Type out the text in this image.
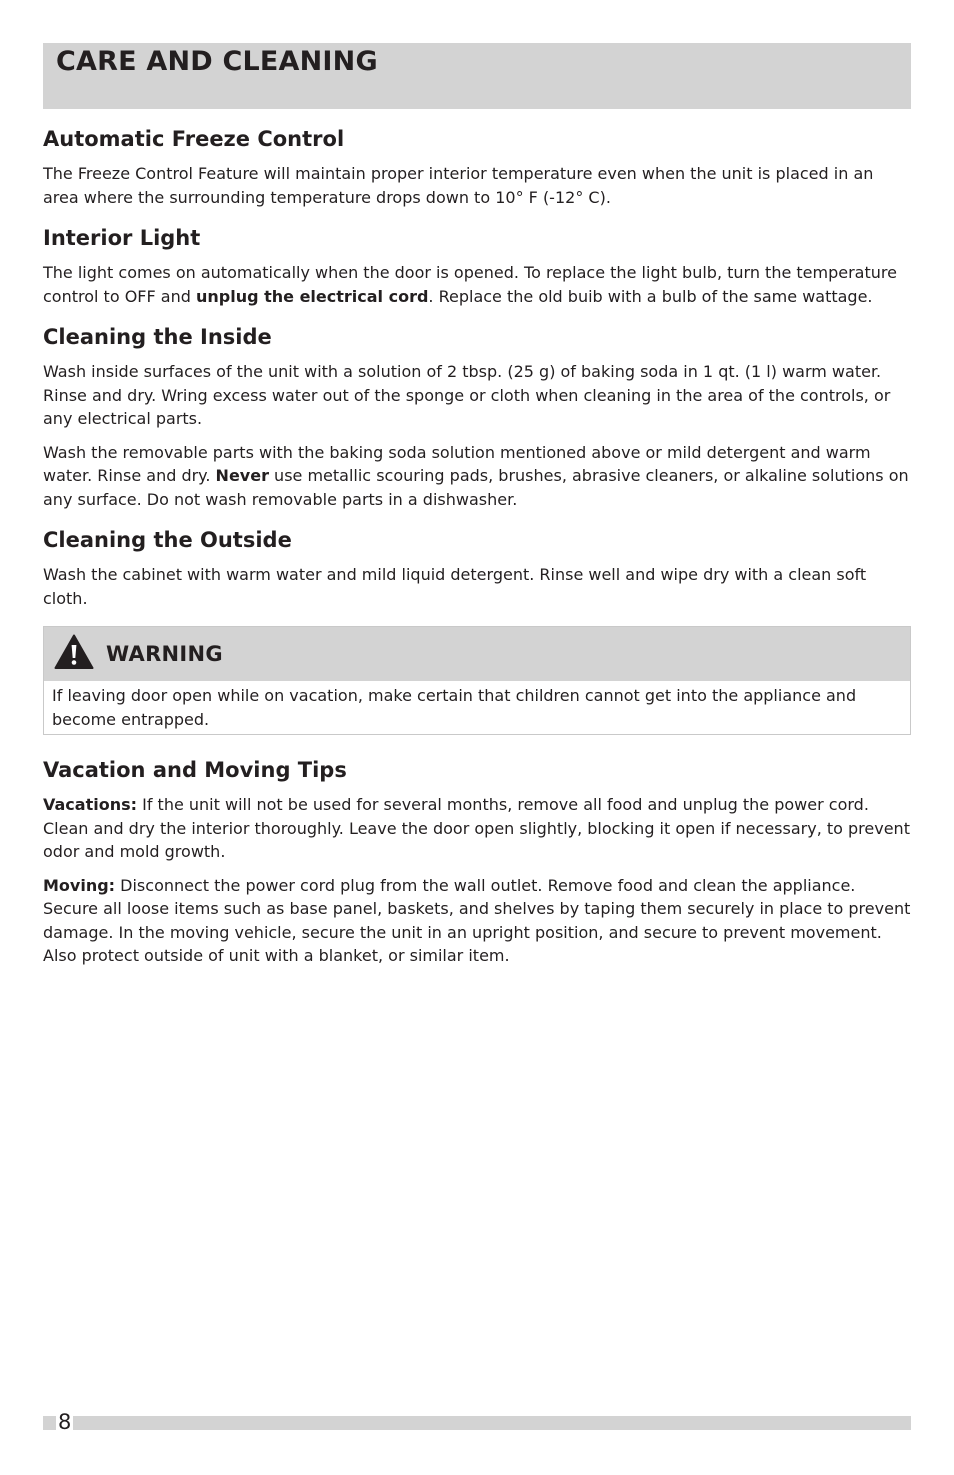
CARE AND CLEANING
Automatic Freeze Control

The Freeze Control Feature will maintain proper interior temperature even when the unit is placed in an area where the surrounding temperature drops down to 10° F (-12° C).

Interior Light

The light comes on automatically when the door is opened. To replace the light bulb, turn the temperature control to OFF and unplug the electrical cord. Replace the old buib with a bulb of the same wattage.

Cleaning the Inside

Wash inside surfaces of the unit with a solution of 2 tbsp. (25 g) of baking soda in 1 qt. (1 l) warm water. Rinse and dry. Wring excess water out of the sponge or cloth when cleaning in the area of the controls, or any electrical parts.

Wash the removable parts with the baking soda solution mentioned above or mild detergent and warm water. Rinse and dry. Never use metallic scouring pads, brushes, abrasive cleaners, or alkaline solutions on any surface. Do not wash removable parts in a dishwasher.

Cleaning the Outside

Wash the cabinet with warm water and mild liquid detergent. Rinse well and wipe dry with a clean soft cloth.

WARNING
If leaving door open while on vacation, make certain that children cannot get into the appliance and become entrapped.
Vacation and Moving Tips

Vacations: If the unit will not be used for several months, remove all food and unplug the power cord. Clean and dry the interior thoroughly. Leave the door open slightly, blocking it open if necessary, to prevent odor and mold growth.

Moving: Disconnect the power cord plug from the wall outlet. Remove food and clean the appliance. Secure all loose items such as base panel, baskets, and shelves by taping them securely in place to prevent damage. In the moving vehicle, secure the unit in an upright position, and secure to prevent movement. Also protect outside of unit with a blanket, or similar item.

8
